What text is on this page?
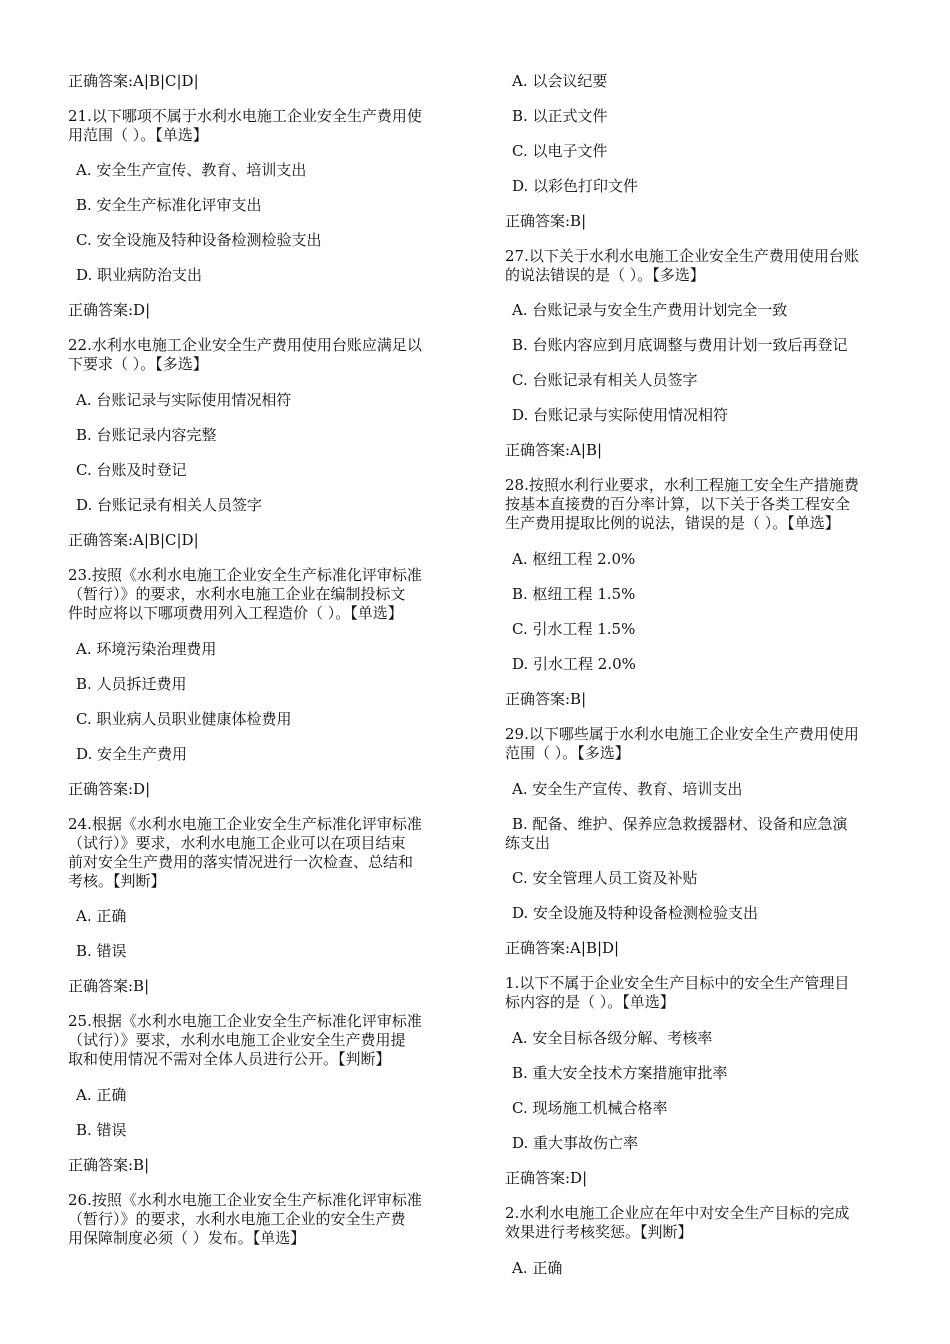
正确答案:A|B|C|D|
21.以下哪项不属于水利水电施工企业安全生产费用使
用范围（ ）。【单选】
A. 安全生产宣传、教育、培训支出
B. 安全生产标准化评审支出
C. 安全设施及特种设备检测检验支出
D. 职业病防治支出
正确答案:D|
22.水利水电施工企业安全生产费用使用台账应满足以
下要求（ ）。【多选】
A. 台账记录与实际使用情况相符
B. 台账记录内容完整
C. 台账及时登记
D. 台账记录有相关人员签字
正确答案:A|B|C|D|
23.按照《水利水电施工企业安全生产标准化评审标准
（暂行）》的要求，水利水电施工企业在编制投标文
件时应将以下哪项费用列入工程造价（ ）。【单选】
A. 环境污染治理费用
B. 人员拆迁费用
C. 职业病人员职业健康体检费用
D. 安全生产费用
正确答案:D|
24.根据《水利水电施工企业安全生产标准化评审标准
（试行）》要求，水利水电施工企业可以在项目结束
前对安全生产费用的落实情况进行一次检查、总结和
考核。【判断】
A. 正确
B. 错误
正确答案:B|
25.根据《水利水电施工企业安全生产标准化评审标准
（试行）》要求，水利水电施工企业安全生产费用提
取和使用情况不需对全体人员进行公开。【判断】
A. 正确
B. 错误
正确答案:B|
26.按照《水利水电施工企业安全生产标准化评审标准
（暂行）》的要求，水利水电施工企业的安全生产费
用保障制度必须（ ）发布。【单选】
A. 以会议纪要
B. 以正式文件
C. 以电子文件
D. 以彩色打印文件
正确答案:B|
27.以下关于水利水电施工企业安全生产费用使用台账
的说法错误的是（ ）。【多选】
A. 台账记录与安全生产费用计划完全一致
B. 台账内容应到月底调整与费用计划一致后再登记
C. 台账记录有相关人员签字
D. 台账记录与实际使用情况相符
正确答案:A|B|
28.按照水利行业要求，水利工程施工安全生产措施费
按基本直接费的百分率计算，以下关于各类工程安全
生产费用提取比例的说法，错误的是（ ）。【单选】
A. 枢纽工程 2.0%
B. 枢纽工程 1.5%
C. 引水工程 1.5%
D. 引水工程 2.0%
正确答案:B|
29.以下哪些属于水利水电施工企业安全生产费用使用
范围（ ）。【多选】
A. 安全生产宣传、教育、培训支出
B. 配备、维护、保养应急救援器材、设备和应急演
练支出
C. 安全管理人员工资及补贴
D. 安全设施及特种设备检测检验支出
正确答案:A|B|D|
1.以下不属于企业安全生产目标中的安全生产管理目
标内容的是（ ）。【单选】
A. 安全目标各级分解、考核率
B. 重大安全技术方案措施审批率
C. 现场施工机械合格率
D. 重大事故伤亡率
正确答案:D|
2.水利水电施工企业应在年中对安全生产目标的完成
效果进行考核奖惩。【判断】
A. 正确
